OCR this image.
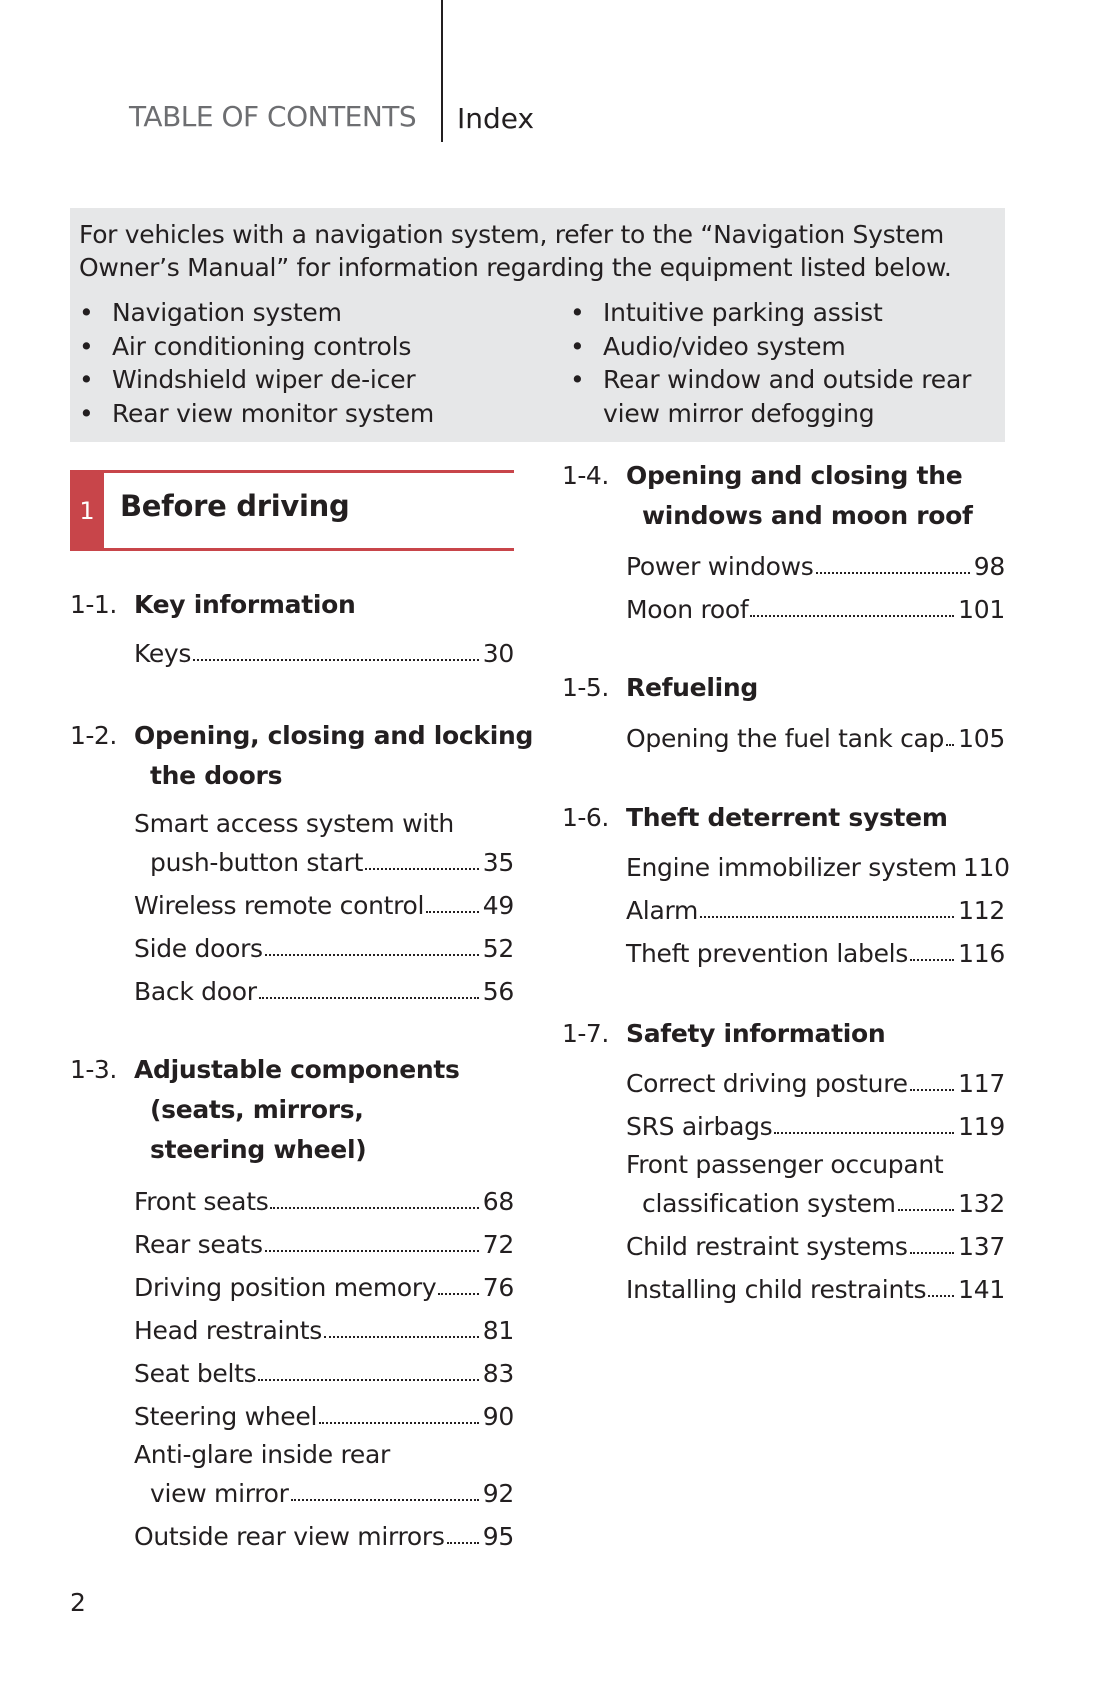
TABLE OF CONTENTS Index
For vehicles with a navigation system, refer to the “Navigation System Owner’s Manual” for information regarding the equipment listed below.
• Navigation system
• Air conditioning controls
• Windshield wiper de-icer
• Rear view monitor system
• Intuitive parking assist
• Audio/video system
• Rear window and outside rear view mirror defogging
1 Before driving
1-1. Key information
Keys	30
1-2. Opening, closing and locking
the doors
Smart access system with
push-button start	35
Wireless remote control 49
Side doors	52
Back door	56
1-3. Adjustable components
(seats, mirrors,
steering wheel)
Front seats	68
Rear seats	72
Driving position memory 76
Head restraints	81
Seat belts	83
Steering wheel	90
Anti-glare inside rear
view mirror	92
Outside rear view mirrors 95
1-4. Opening and closing the
windows and moon roof
Power windows	98
Moon roof	101
1-5. Refueling
Opening the fuel tank cap 105
1-6. Theft deterrent system
Engine immobilizer system 110
Alarm	112
Theft prevention labels 116
1-7. Safety information
Correct driving posture 117
SRS airbags	119
Front passenger occupant
classification system 132
Child restraint systems 137
Installing child restraints 141
2
